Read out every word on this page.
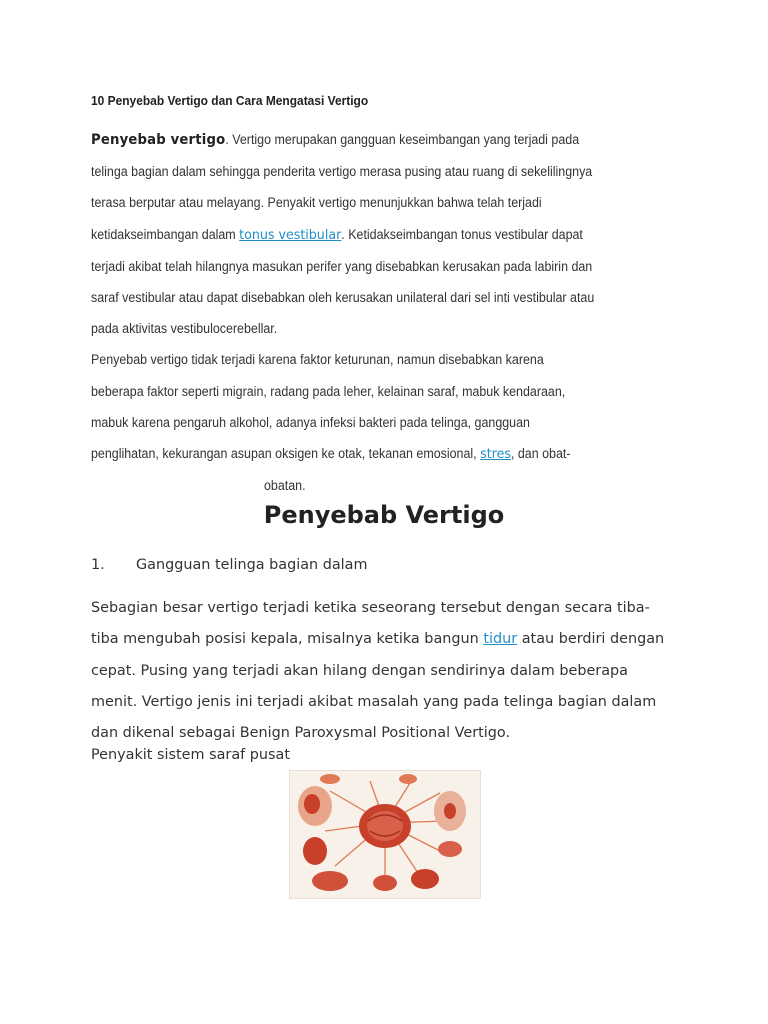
10 Penyebab Vertigo dan Cara Mengatasi Vertigo
Penyebab vertigo. Vertigo merupakan gangguan keseimbangan yang terjadi pada
telinga bagian dalam sehingga penderita vertigo merasa pusing atau ruang di sekelilingnya
terasa berputar atau melayang. Penyakit vertigo menunjukkan bahwa telah terjadi
ketidakseimbangan dalam tonus vestibular. Ketidakseimbangan tonus vestibular dapat
terjadi akibat telah hilangnya masukan perifer yang disebabkan kerusakan pada labirin dan
saraf vestibular atau dapat disebabkan oleh kerusakan unilateral dari sel inti vestibular atau
pada aktivitas vestibulocerebellar.
Penyebab vertigo tidak terjadi karena faktor keturunan, namun disebabkan karena
beberapa faktor seperti migrain, radang pada leher, kelainan saraf, mabuk kendaraan,
mabuk karena pengaruh alkohol, adanya infeksi bakteri pada telinga, gangguan
penglihatan, kekurangan asupan oksigen ke otak, tekanan emosional, stres, dan obat-
obatan.
Penyebab Vertigo
1. Gangguan telinga bagian dalam
Sebagian besar vertigo terjadi ketika seseorang tersebut dengan secara tiba-
tiba mengubah posisi kepala, misalnya ketika bangun tidur atau berdiri dengan
cepat. Pusing yang terjadi akan hilang dengan sendirinya dalam beberapa
menit. Vertigo jenis ini terjadi akibat masalah yang pada telinga bagian dalam
dan dikenal sebagai Benign Paroxysmal Positional Vertigo.
Penyakit sistem saraf pusat
